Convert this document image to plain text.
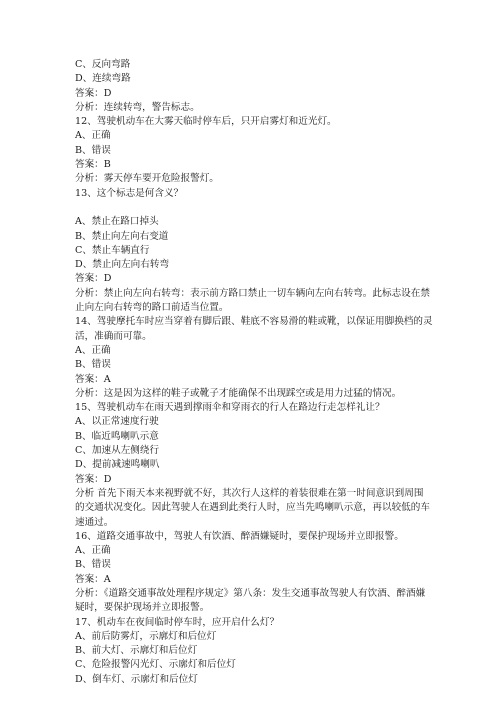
C、反向弯路
D、连续弯路
答案：D
分析：连续转弯，警告标志。
12、驾驶机动车在大雾天临时停车后，只开启雾灯和近光灯。
A、正确
B、错误
答案：B
分析：雾天停车要开危险报警灯。
13、这个标志是何含义？
A、禁止在路口掉头
B、禁止向左向右变道
C、禁止车辆直行
D、禁止向左向右转弯
答案：D
分析：禁止向左向右转弯：表示前方路口禁止一切车辆向左向右转弯。此标志设在禁止向左向右转弯的路口前适当位置。
14、驾驶摩托车时应当穿着有脚后跟、鞋底不容易滑的鞋或靴，以保证用脚换档的灵活，准确而可靠。
A、正确
B、错误
答案：A
分析：这是因为这样的鞋子或靴子才能确保不出现踩空或是用力过猛的情况。
15、驾驶机动车在雨天遇到撑雨伞和穿雨衣的行人在路边行走怎样礼让？
A、以正常速度行驶
B、临近鸣喇叭示意
C、加速从左侧绕行
D、提前减速鸣喇叭
答案：D
分析 首先下雨天本来视野就不好，其次行人这样的着装很难在第一时间意识到周围的交通状况变化。因此驾驶人在遇到此类行人时，应当先鸣喇叭示意，再以较低的车速通过。
16、道路交通事故中，驾驶人有饮酒、醉酒嫌疑时，要保护现场并立即报警。
A、正确
B、错误
答案：A
分析：《道路交通事故处理程序规定》第八条：发生交通事故驾驶人有饮酒、醉酒嫌疑时，要保护现场并立即报警。
17、机动车在夜间临时停车时，应开启什么灯？
A、前后防雾灯，示廓灯和后位灯
B、前大灯、示廓灯和后位灯
C、危险报警闪光灯、示廓灯和后位灯
D、倒车灯、示廓灯和后位灯
